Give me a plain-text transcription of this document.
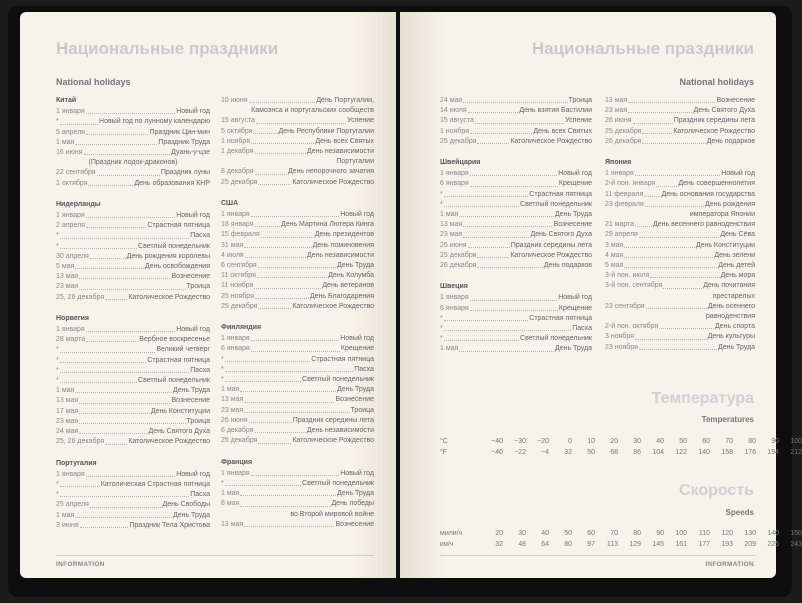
Национальные праздники
National holidays
Китай
1 января	Новый год
*	Новый год по лунному календарю
5 апреля	Праздник Цин-мин
1 мая	Праздник Труда
16 июня	Дуань-у-цзе
(Праздник лодок-драконов)
22 сентября	Праздник луны
1 октября	День образования КНР
Нидерланды
1 января	Новый год
2 апреля	Страстная пятница
*	Пасха
*	Светлый понедельник
30 апреля	День рождения королевы
5 мая	День освобождения
13 мая	Вознесение
23 мая	Троица
25, 26 декабря	Католическое Рождество
Норвегия
1 января	Новый год
28 марта	Вербное воскресенье
*	Великий четверг
*	Страстная пятница
*	Пасха
*	Светлый понедельник
1 мая	День Труда
13 мая	Вознесение
17 мая	День Конституции
23 мая	Троица
24 мая	День Святого Духа
25, 26 декабря	Католическое Рождество
Португалия
1 января	Новый год
*	Католическая Страстная пятница
*	Пасха
25 апреля	День Свободы
1 мая	День Труда
3 июня	Праздник Тела Христова
10 июня	День Португалии,
Камоэнса и португальских сообществ
15 августа	Успение
5 октября	День Республики Португалии
1 ноября	День всех Святых
1 декабря	День независимости
Португалии
8 декабря	День непорочного зачатия
25 декабря	Католическое Рождество
США
1 января	Новый год
18 января	День Мартина Лютера Кинга
15 февраля	День президентов
31 мая	День поминовения
4 июля	День независимости
6 сентября	День Труда
11 октября	День Колумба
11 ноября	День ветеранов
25 ноября	День Благодарения
25 декабря	Католическое Рождество
Финляндия
1 января	Новый год
6 января	Крещение
*	Страстная пятница
*	Пасха
*	Светлый понедельник
1 мая	День Труда
13 мая	Вознесение
23 мая	Троица
26 июня	Праздник середины лета
6 декабря	День независимости
25 декабря	Католическое Рождество
Франция
1 января	Новый год
*	Светлый понедельник
1 мая	День Труда
8 мая	День победы
во Второй мировой войне
13 мая	Вознесение
INFORMATION
Национальные праздники
National holidays
24 мая	Троица
14 июля	День взятия Бастилии
15 августа	Успение
1 ноября	День всех Святых
25 декабря	Католическое Рождество
Швейцария
1 января	Новый год
6 января	Крещение
*	Страстная пятница
*	Светлый понедельник
1 мая	День Труда
13 мая	Вознесение
23 мая	День Святого Духа
26 июня	Праздник середины лета
25 декабря	Католическое Рождество
26 декабря	День подарков
Швеция
1 января	Новый год
6 января	Крещение
*	Страстная пятница
*	Пасха
*	Светлый понедельник
1 мая	День Труда
13 мая	Вознесение
23 мая	День Святого Духа
26 июня	Праздник середины лета
25 декабря	Католическое Рождество
26 декабря	День подарков
Япония
1 января	Новый год
2-й пон. января	День совершеннолетия
11 февраля	День основания государства
23 февраля	День рождения
императора Японии
21 марта	День весеннего равноденствия
29 апреля	День Сёва
3 мая	День Конституции
4 мая	День зелени
5 мая	День детей
3-й пон. июля	День моря
3-й пон. сентября	День почитания
престарелых
23 сентября	День осеннего
равноденствия
2-й пон. октября	День спорта
3 ноября	День культуры
23 ноября	День Труда
Температура
Temperatures
°C	−40	−30	−20	0	10	20	30	40	50	60	70	80	90	100
°F	−40	−22	−4	32	50	68	86	104	122	140	158	176	194	212
Скорость
Speeds
мили/ч	20	30	40	50	60	70	80	90	100	110	120	130	140	150
км/ч	32	48	64	80	97	113	129	145	161	177	193	209	225	241
INFORMATION
